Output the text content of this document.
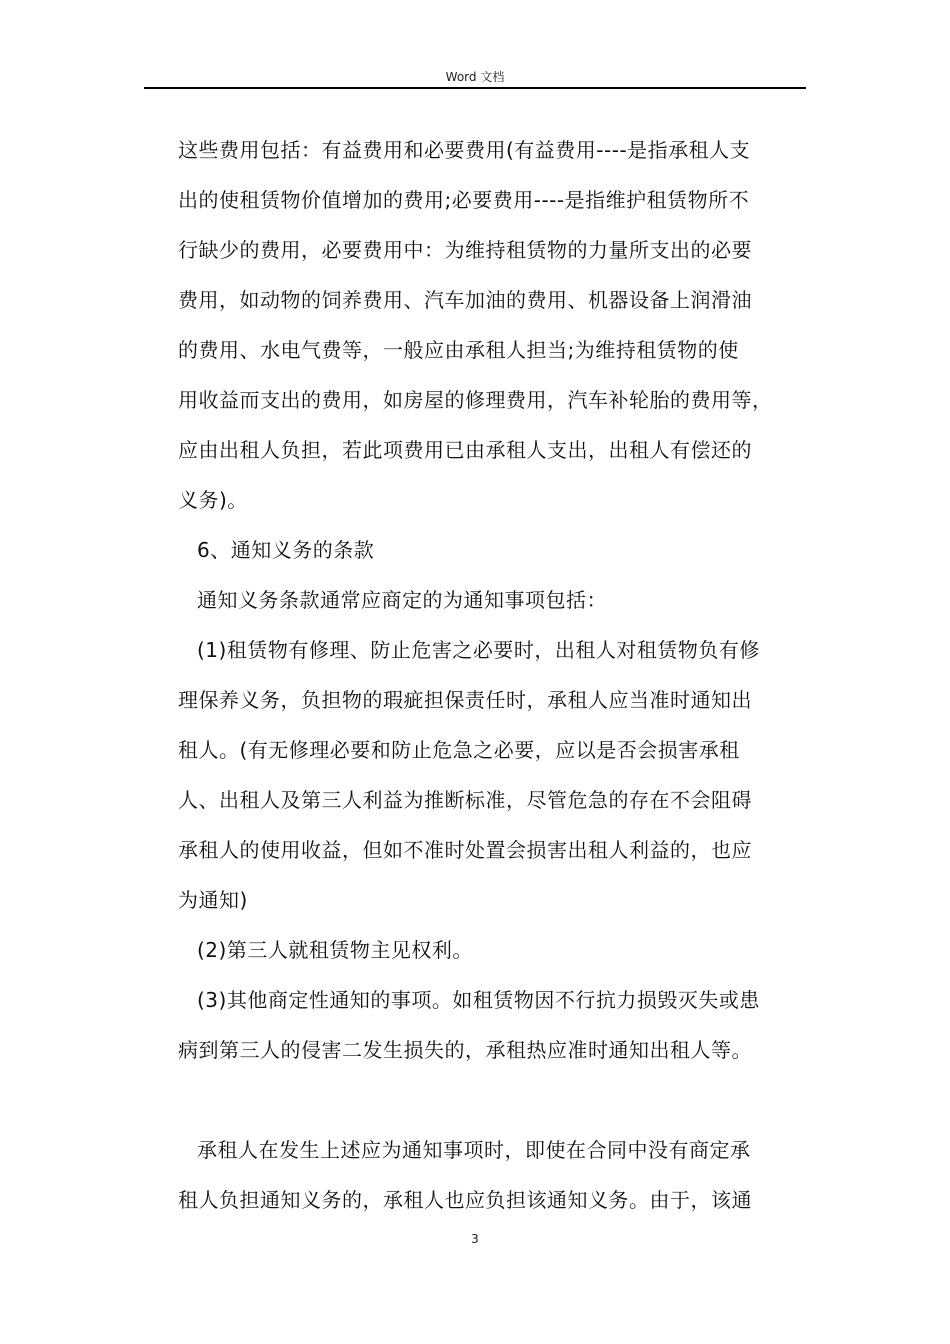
Word 文档
这些费用包括：有益费用和必要费用(有益费用----是指承租人支
出的使租赁物价值增加的费用;必要费用----是指维护租赁物所不
行缺少的费用，必要费用中：为维持租赁物的力量所支出的必要
费用，如动物的饲养费用、汽车加油的费用、机器设备上润滑油
的费用、水电气费等，一般应由承租人担当;为维持租赁物的使
用收益而支出的费用，如房屋的修理费用，汽车补轮胎的费用等，
应由出租人负担，若此项费用已由承租人支出，出租人有偿还的
义务)。
6、通知义务的条款
通知义务条款通常应商定的为通知事项包括：
(1)租赁物有修理、防止危害之必要时，出租人对租赁物负有修
理保养义务，负担物的瑕疵担保责任时，承租人应当准时通知出
租人。(有无修理必要和防止危急之必要，应以是否会损害承租
人、出租人及第三人利益为推断标准，尽管危急的存在不会阻碍
承租人的使用收益，但如不准时处置会损害出租人利益的，也应
为通知)
(2)第三人就租赁物主见权利。
(3)其他商定性通知的事项。如租赁物因不行抗力损毁灭失或患
病到第三人的侵害二发生损失的，承租热应准时通知出租人等。
承租人在发生上述应为通知事项时，即使在合同中没有商定承
租人负担通知义务的，承租人也应负担该通知义务。由于，该通
3
